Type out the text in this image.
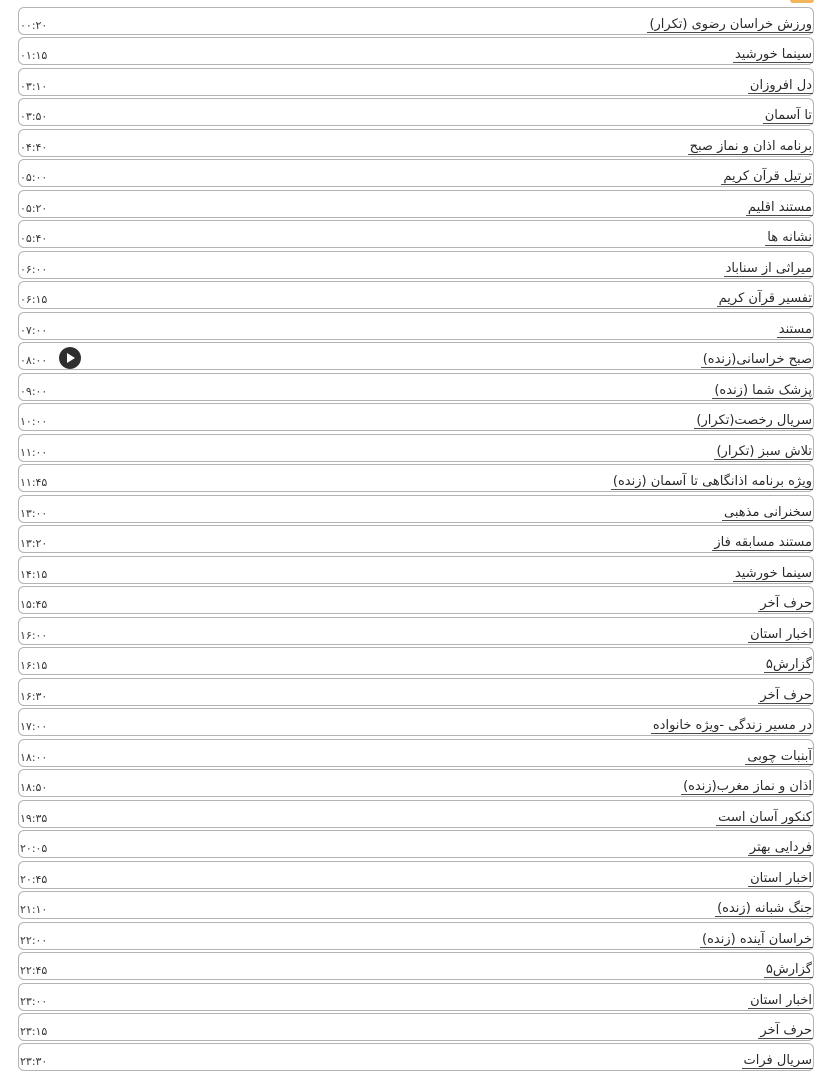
ورزش خراسان رضوی (تکرار)
۰۰:۲۰
سینما خورشید
۰۱:۱۵
دل افروزان
۰۳:۱۰
تا آسمان
۰۳:۵۰
برنامه اذان و نماز صبح
۰۴:۴۰
ترتیل قرآن کریم
۰۵:۰۰
مستند اقلیم
۰۵:۲۰
نشانه ها
۰۵:۴۰
میراثی از سناباد
۰۶:۰۰
تفسیر قرآن کریم
۰۶:۱۵
مستند
۰۷:۰۰
صبح خراسانی(زنده)
۰۸:۰۰
پزشک شما (زنده)
۰۹:۰۰
سریال رخصت(تکرار)
۱۰:۰۰
تلاش سبز (تکرار)
۱۱:۰۰
ویژه برنامه اذانگاهی تا آسمان (زنده)
۱۱:۴۵
سخنرانی مذهبی
۱۳:۰۰
مستند مسابقه فاز
۱۳:۲۰
سینما خورشید
۱۴:۱۵
حرف آخر
۱۵:۴۵
اخبار استان
۱۶:۰۰
گزارش۵
۱۶:۱۵
حرف آخر
۱۶:۳۰
در مسیر زندگی -ویژه خانواده
۱۷:۰۰
آبنبات چوبی
۱۸:۰۰
اذان و نماز مغرب(زنده)
۱۸:۵۰
کنکور آسان است
۱۹:۳۵
فردایی بهتر
۲۰:۰۵
اخبار استان
۲۰:۴۵
جنگ شبانه (زنده)
۲۱:۱۰
خراسان آینده (زنده)
۲۲:۰۰
گزارش۵
۲۲:۴۵
اخبار استان
۲۳:۰۰
حرف آخر
۲۳:۱۵
سریال فرات
۲۳:۳۰
